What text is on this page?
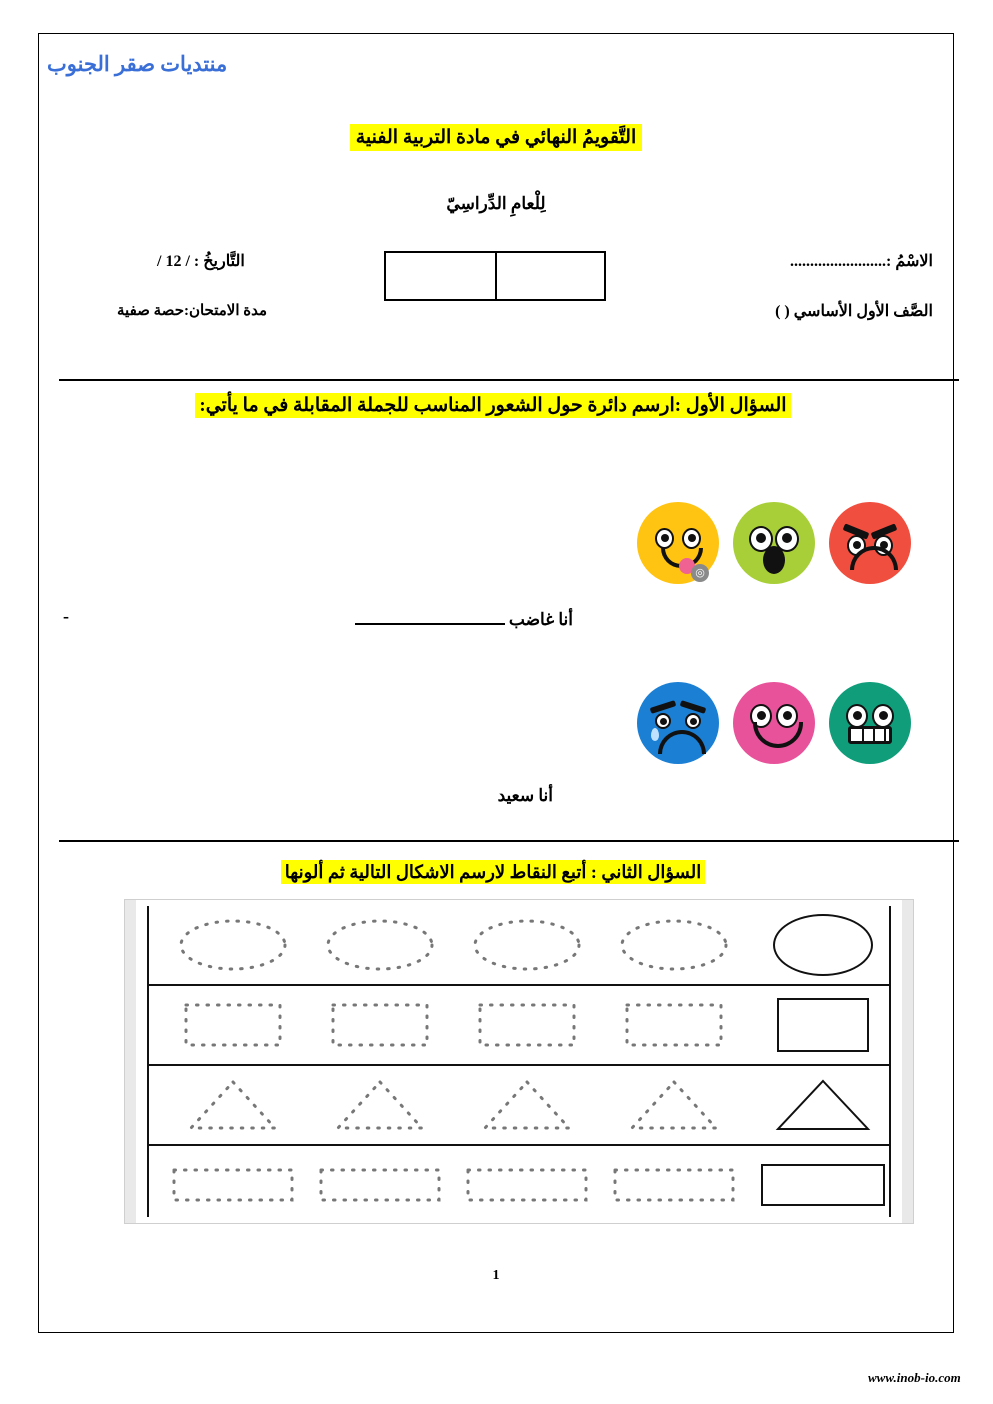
منتديات صقر الجنوب
التَّقويمُ النهائي في مادة التربية الفنية
لِلْعامِ الدِّراسِيّ
الاسْمُ :........................
الصَّف الأول الأساسي ( )
التَّاريخُ : / 12 /
مدة الامتحان:حصة صفية
السؤال الأول :ارسم دائرة حول الشعور المناسب للجملة المقابلة في ما يأتي:
◎
أنا غاضب
-
أنا سعيد
السؤال الثاني : أتبع النقاط لارسم الاشكال التالية ثم ألونها
1
www.inob-io.com
